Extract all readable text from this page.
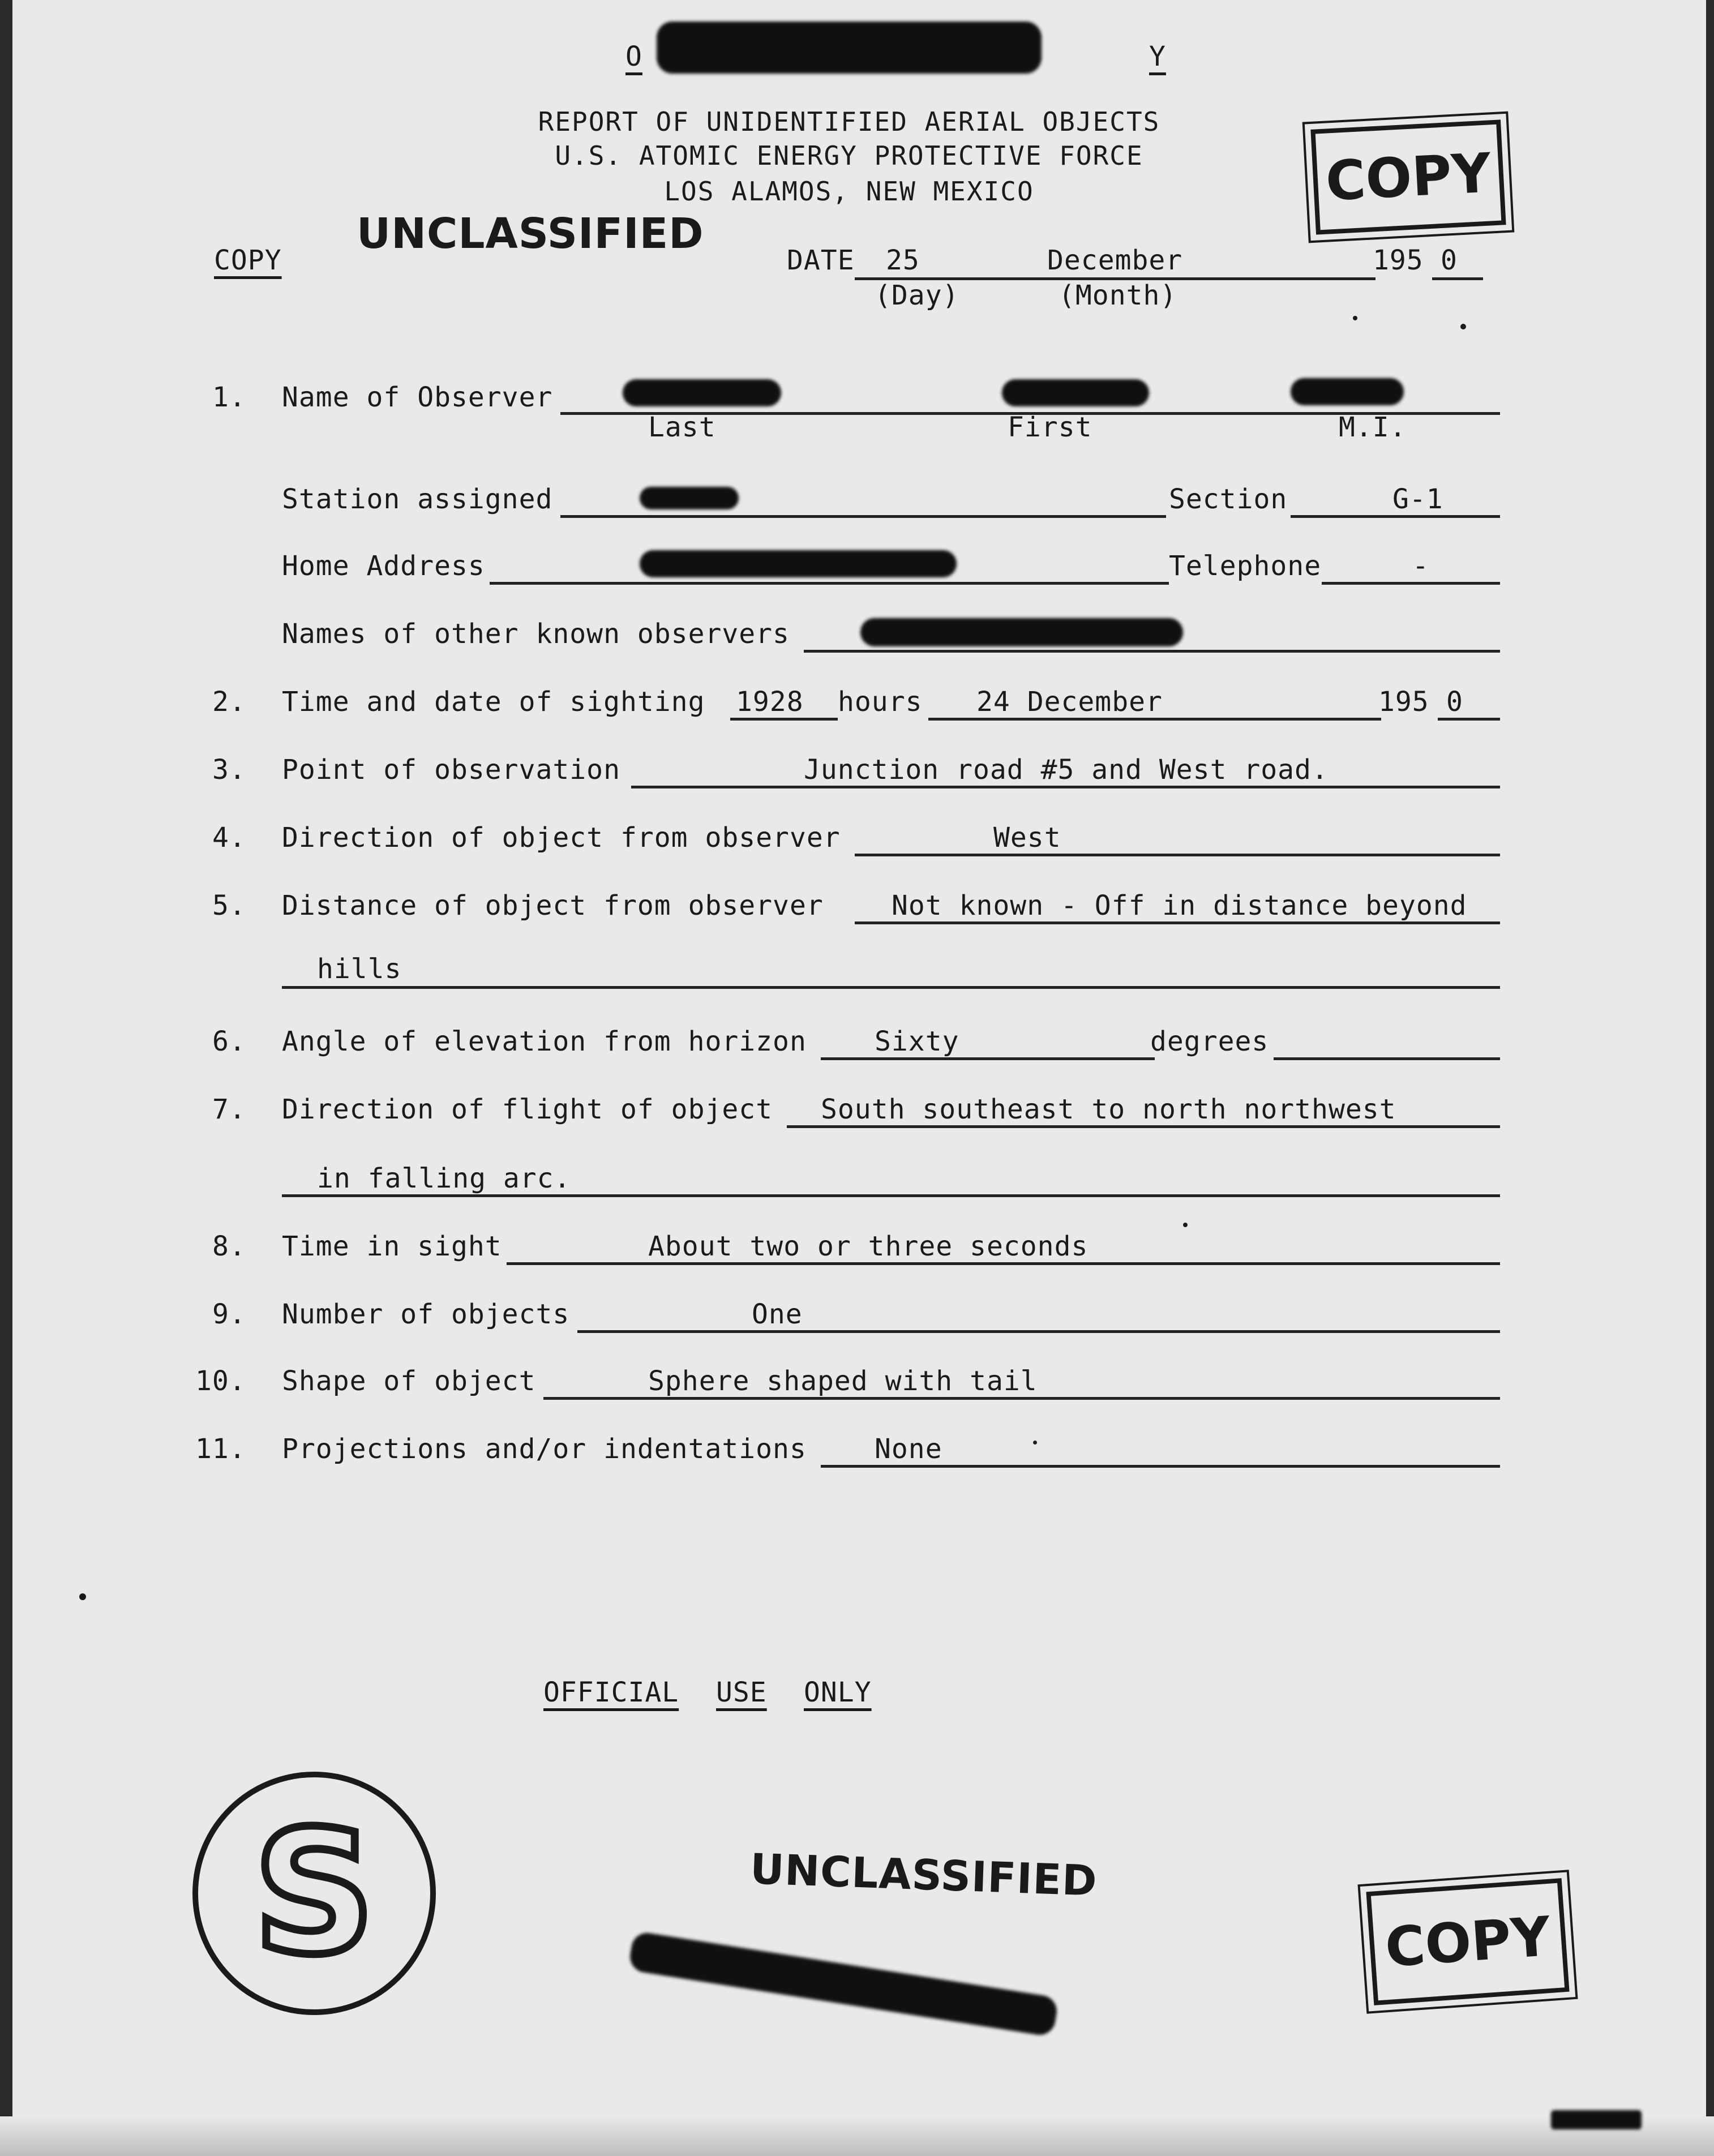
O	Y
REPORT OF UNIDENTIFIED AERIAL OBJECTS
U.S. ATOMIC ENERGY PROTECTIVE FORCE
LOS ALAMOS, NEW MEXICO	COPY
UNCLASSIFIED
COPY	DATE 25	December	195 0
(Day)	(Month)
1. Name of Observer
Last	First	M.I.
Station assigned	Section	G-1
Home Address	Telephone	-
Names of other known observers
2. Time and date of sighting 1928 hours 24 December	195 0
3. Point of observation	Junction road #5 and West road.
4. Direction of object from observer	West
5. Distance of object from observer	Not known - Off in distance beyond
hills
6. Angle of elevation from horizon	Sixty	degrees
7. Direction of flight of object South southeast to north northwest
in falling arc.
8. Time in sight	About two or three seconds
9. Number of objects	One
10. Shape of object	Sphere shaped with tail
11. Projections and/or indentations	None
OFFICIAL USE ONLY
S	UNCLASSIFIED
COPY
